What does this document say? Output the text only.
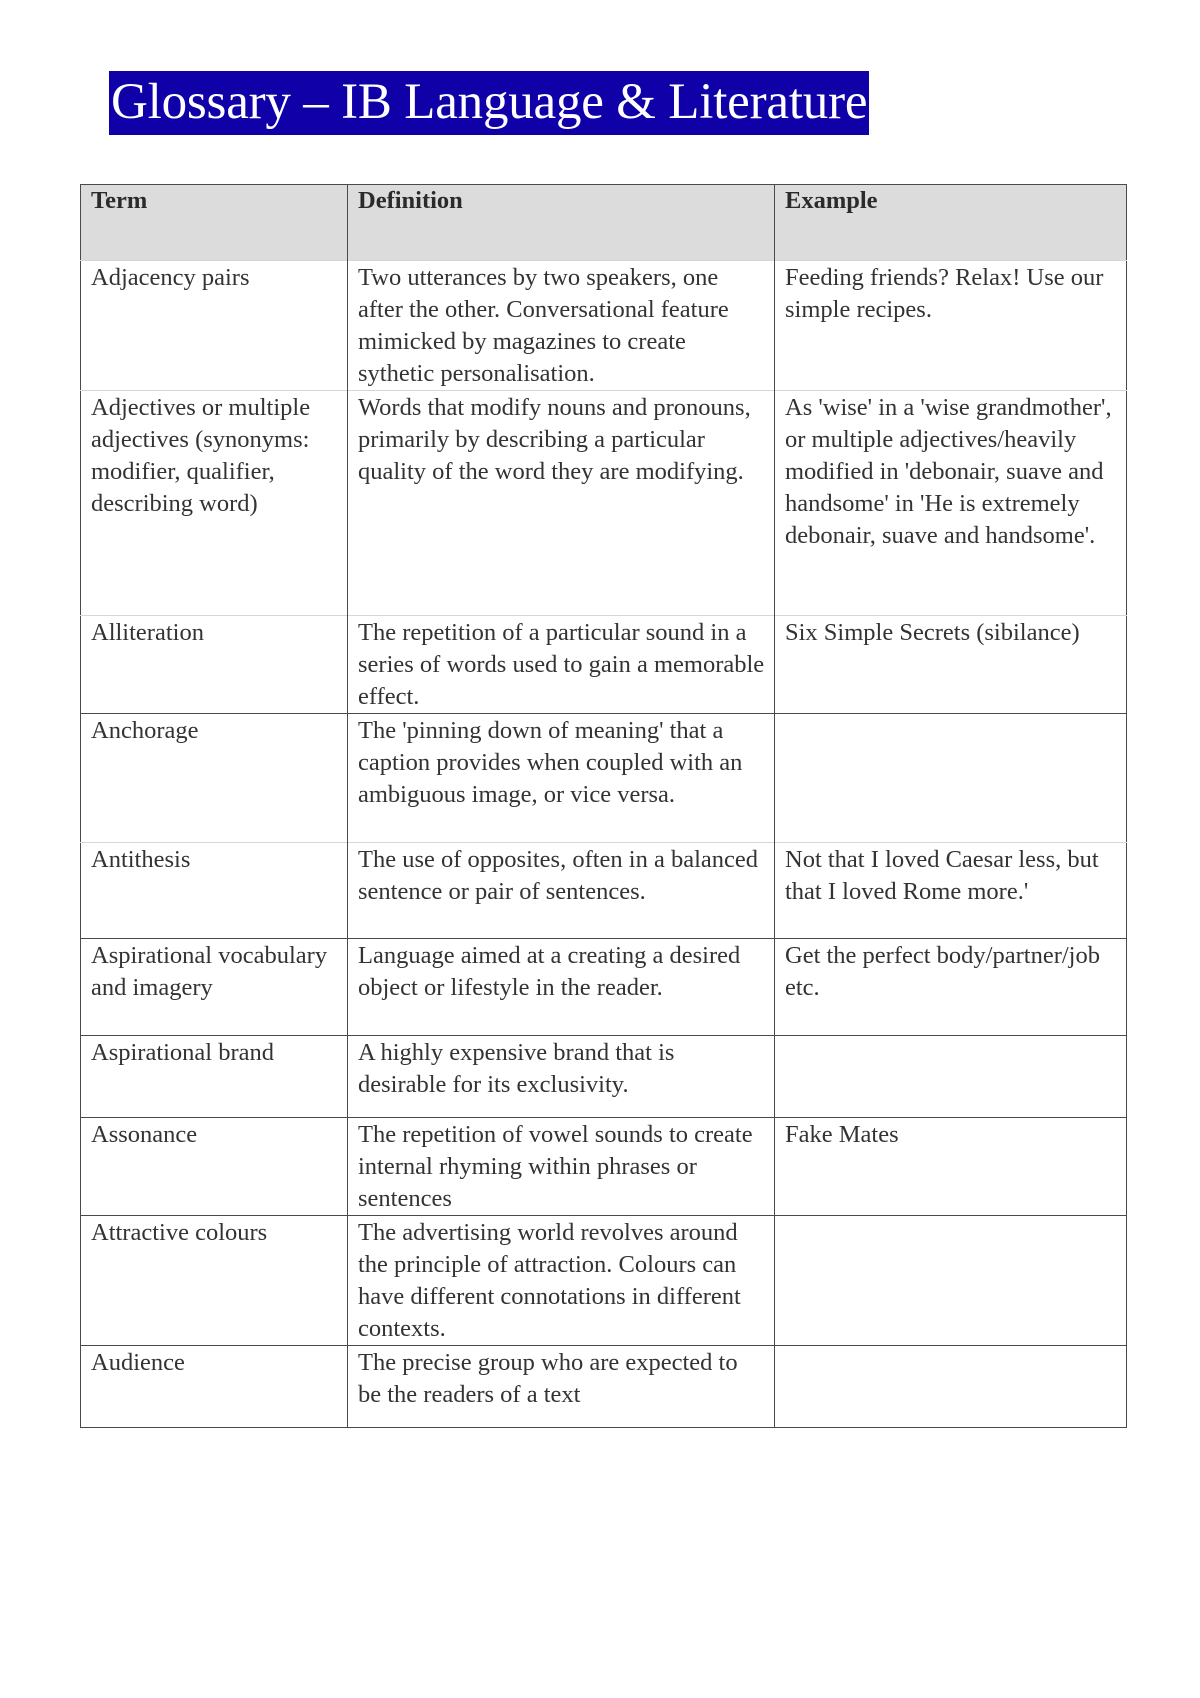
Glossary – IB Language & Literature
Term	Definition	Example
Adjacency pairs	Two utterances by two speakers, one after the other. Conversational feature mimicked by magazines to create sythetic personalisation.	Feeding friends? Relax! Use our simple recipes.
Adjectives or multiple adjectives (synonyms: modifier, qualifier, describing word)	Words that modify nouns and pronouns, primarily by describing a particular quality of the word they are modifying.	As 'wise' in a 'wise grandmother', or multiple adjectives/heavily modified in 'debonair, suave and handsome' in 'He is extremely debonair, suave and handsome'.
Alliteration	The repetition of a particular sound in a series of words used to gain a memorable effect.	Six Simple Secrets (sibilance)
Anchorage	The 'pinning down of meaning' that a caption provides when coupled with an ambiguous image, or vice versa.	
Antithesis	The use of opposites, often in a balanced sentence or pair of sentences.	Not that I loved Caesar less, but that I loved Rome more.'
Aspirational vocabulary and imagery	Language aimed at a creating a desired object or lifestyle in the reader.	Get the perfect body/partner/job etc.
Aspirational brand	A highly expensive brand that is desirable for its exclusivity.	
Assonance	The repetition of vowel sounds to create internal rhyming within phrases or sentences	Fake Mates
Attractive colours	The advertising world revolves around the principle of attraction. Colours can have different connotations in different contexts.	
Audience	The precise group who are expected to be the readers of a text	
